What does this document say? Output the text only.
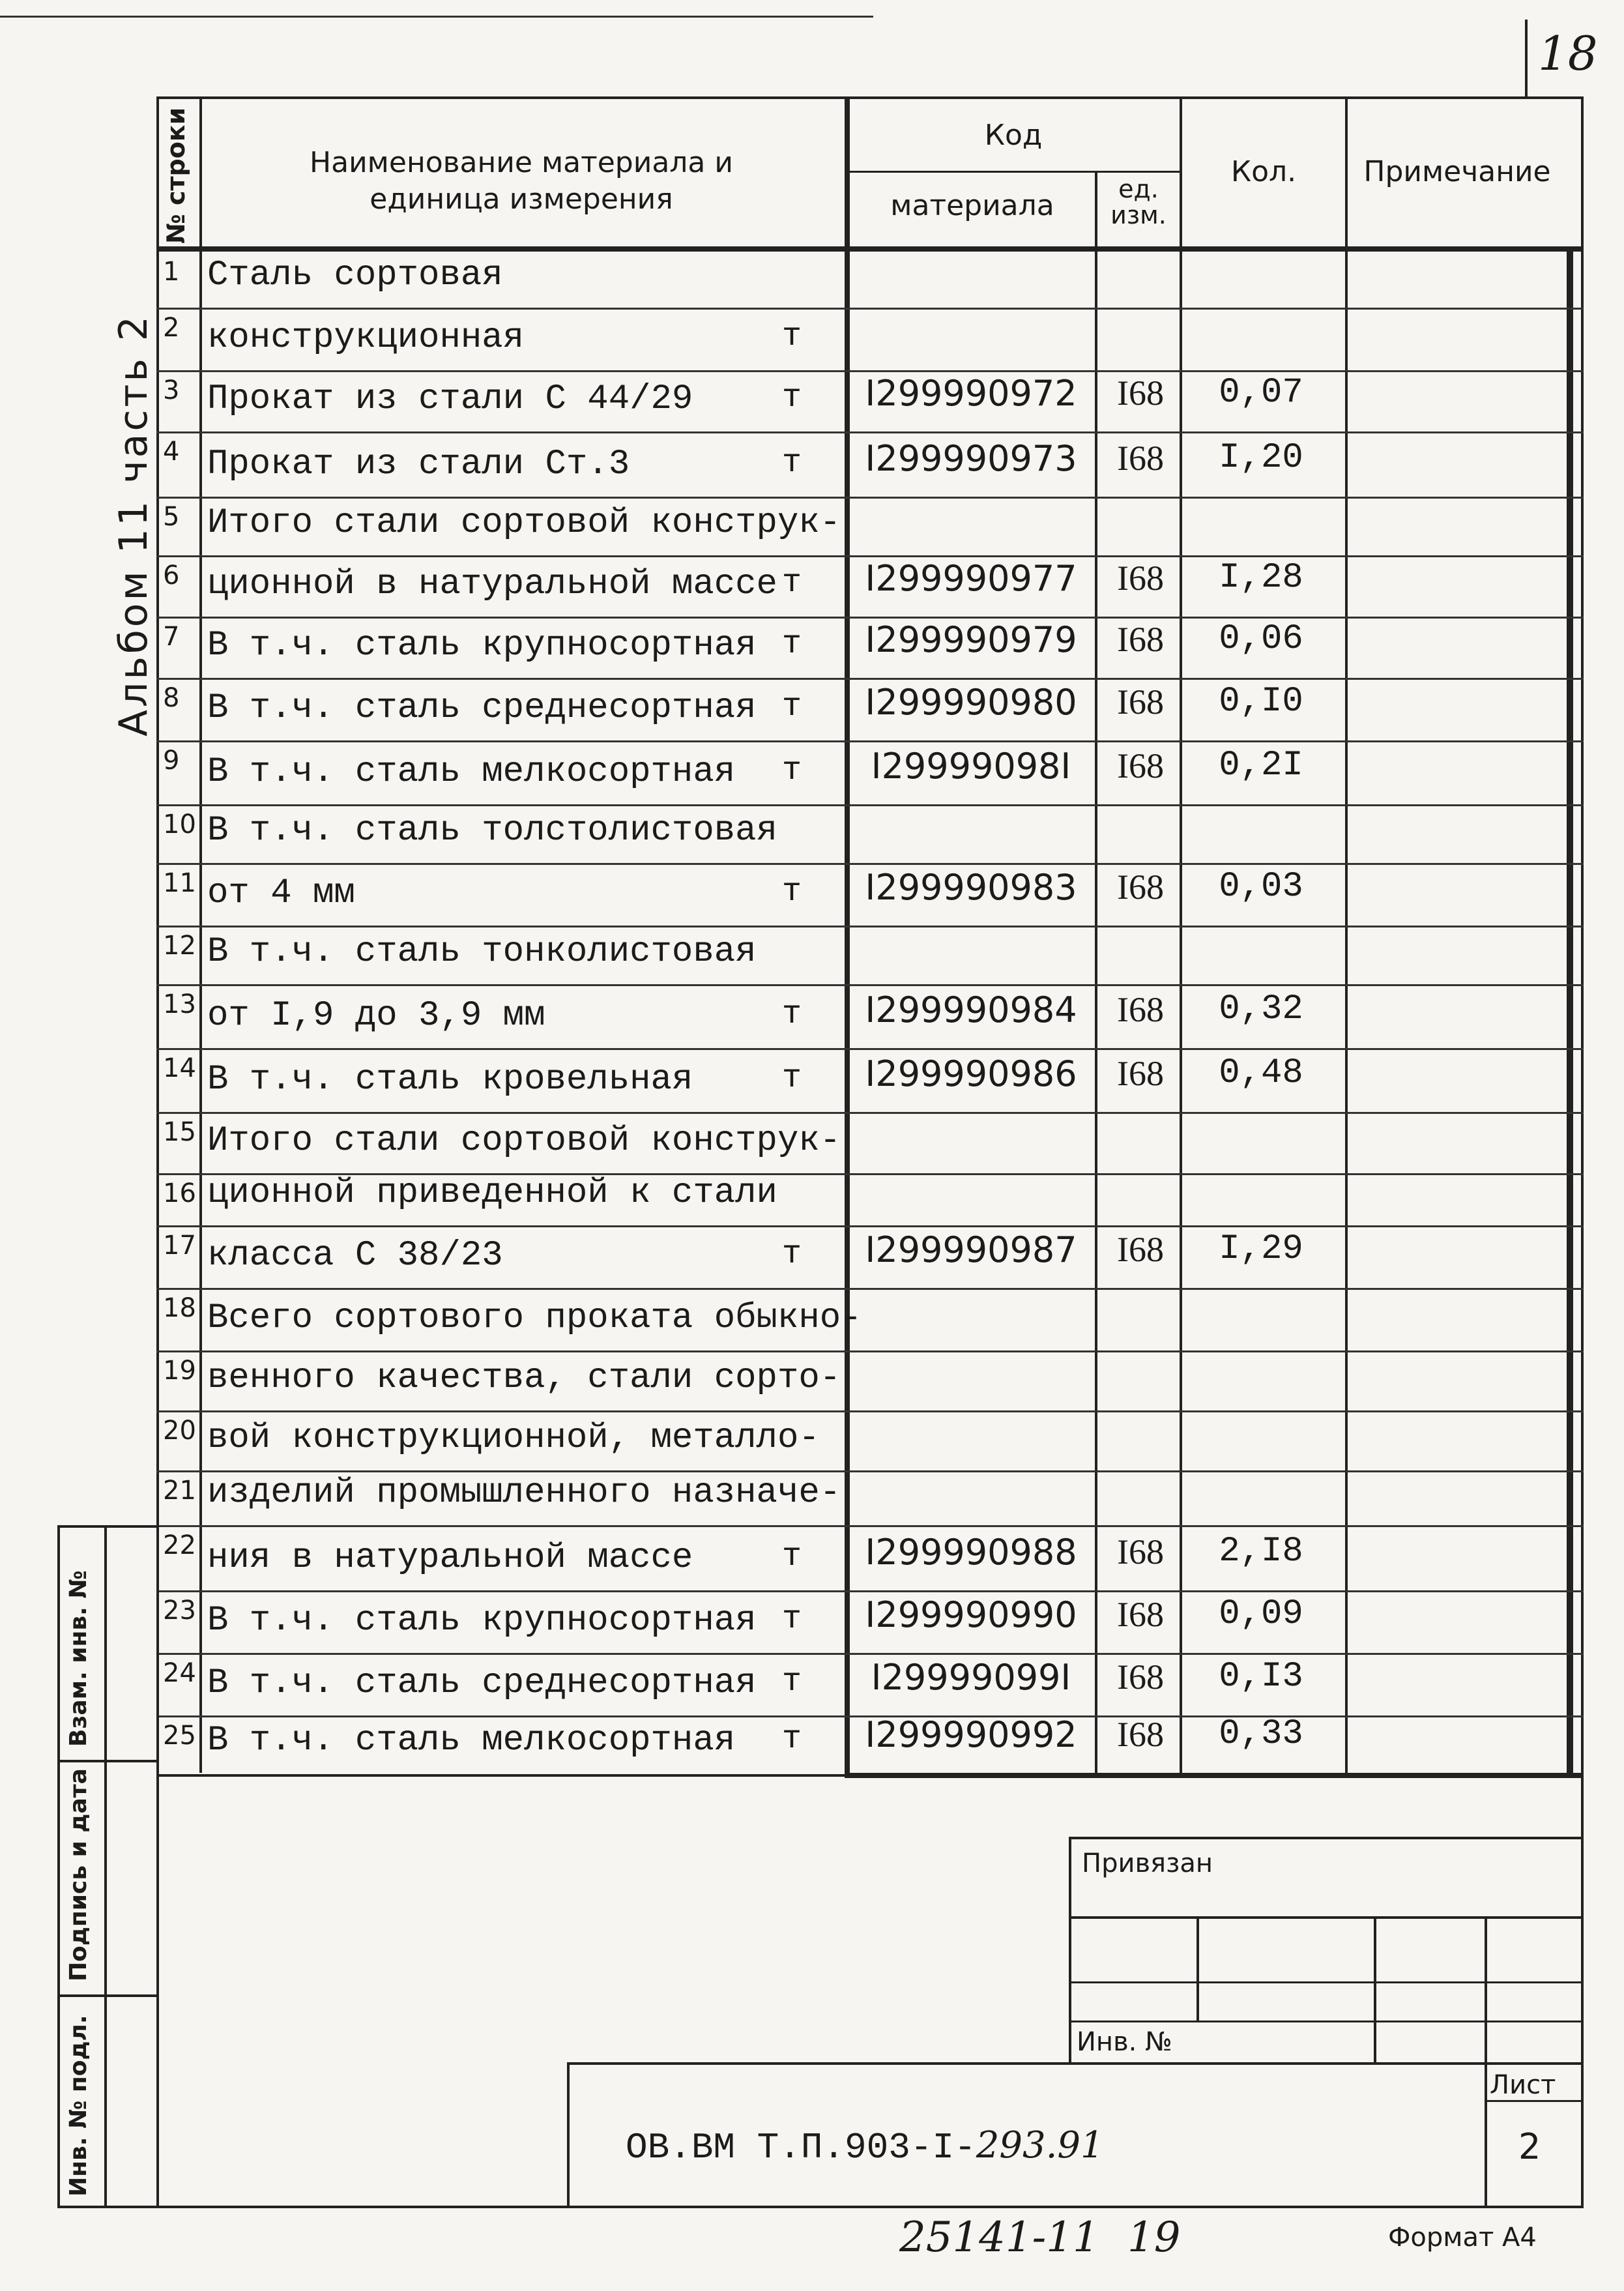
18
№ строки	Наименование материала и единица измерения
Код
материала	ед. изм.
Кол.	Примечание
Альбом 11 часть 2
1 Сталь сортовая
2 конструкционная	т
3 Прокат из стали С 44/29	т I299990972	I68	0,07
4 Прокат из стали Ст.3	т I299990973	I68	I,20
5 Итого стали сортовой конструк-
6 ционной в натуральной массе т I299990977	I68	I,28
7 В т.ч. сталь крупносортная т I299990979	I68	0,06
8 В т.ч. сталь среднесортная т I299990980	I68	0,I0
9 В т.ч. сталь мелкосортная т	I29999098I	I68	0,2I
10 В т.ч. сталь толстолистовая
11 от 4 мм	т I299990983	I68	0,03
12 В т.ч. сталь тонколистовая
13 от I,9 до 3,9 мм	т I299990984	I68	0,32
14 В т.ч. сталь кровельная	т I299990986	I68	0,48
15 Итого стали сортовой конструк-
16 ционной приведенной к стали
17 класса С 38/23	т I299990987	I68	I,29
18 Всего сортового проката обыкно-
19 венного качества, стали сорто-
20 вой конструкционной, металло-
21 изделий промышленного назначе-
22 ния в натуральной массе	т I299990988	I68	2,I8
23 В т.ч. сталь крупносортная т I299990990	I68	0,09
24 В т.ч. сталь среднесортная т	I29999099I	I68	0,I3
25 В т.ч. сталь мелкосортная т I299990992	I68	0,33
Взам. инв. №
Подпись и дата
Инв. № подл.
Привязан
Инв. №
Лист
2
ОВ.ВМ Т.П.903-I-293.91
25141-11 19	Формат А4
